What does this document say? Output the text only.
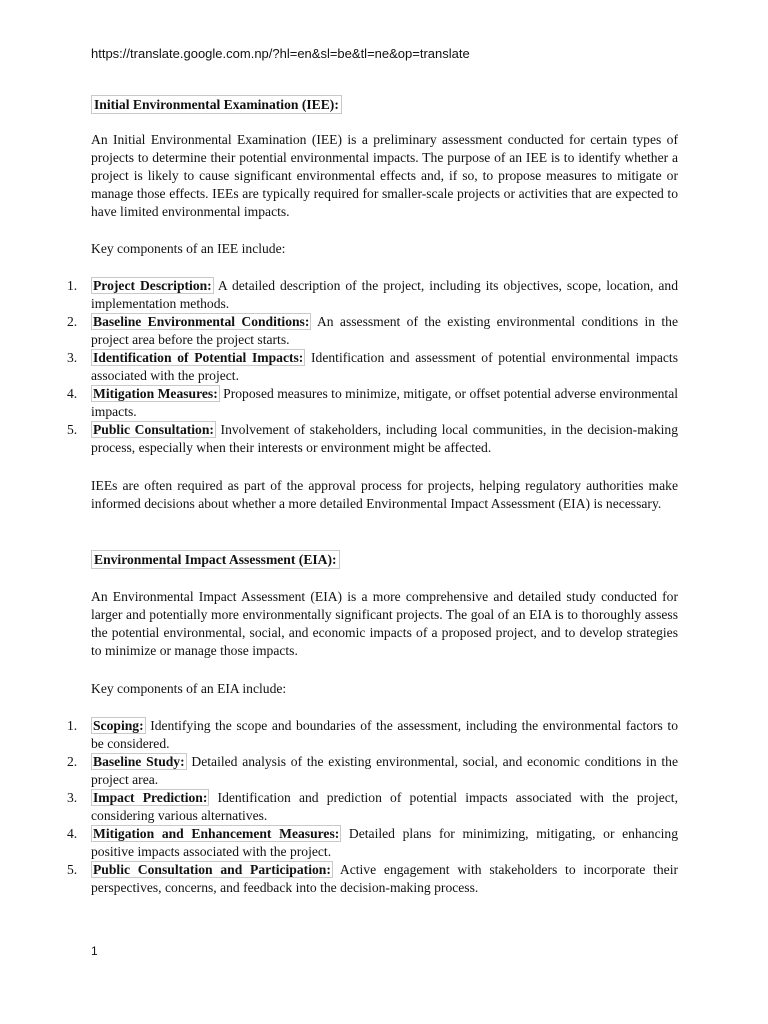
https://translate.google.com.np/?hl=en&sl=be&tl=ne&op=translate
Initial Environmental Examination (IEE):

An Initial Environmental Examination (IEE) is a preliminary assessment conducted for certain types of projects to determine their potential environmental impacts. The purpose of an IEE is to identify whether a project is likely to cause significant environmental effects and, if so, to propose measures to mitigate or manage those effects. IEEs are typically required for smaller-scale projects or activities that are expected to have limited environmental impacts.

Key components of an IEE include:

1. Project Description: A detailed description of the project, including its objectives, scope, location, and implementation methods.
2. Baseline Environmental Conditions: An assessment of the existing environmental conditions in the project area before the project starts.
3. Identification of Potential Impacts: Identification and assessment of potential environmental impacts associated with the project.
4. Mitigation Measures: Proposed measures to minimize, mitigate, or offset potential adverse environmental impacts.
5. Public Consultation: Involvement of stakeholders, including local communities, in the decision-making process, especially when their interests or environment might be affected.

IEEs are often required as part of the approval process for projects, helping regulatory authorities make informed decisions about whether a more detailed Environmental Impact Assessment (EIA) is necessary.

Environmental Impact Assessment (EIA):

An Environmental Impact Assessment (EIA) is a more comprehensive and detailed study conducted for larger and potentially more environmentally significant projects. The goal of an EIA is to thoroughly assess the potential environmental, social, and economic impacts of a proposed project, and to develop strategies to minimize or manage those impacts.

Key components of an EIA include:

1. Scoping: Identifying the scope and boundaries of the assessment, including the environmental factors to be considered.
2. Baseline Study: Detailed analysis of the existing environmental, social, and economic conditions in the project area.
3. Impact Prediction: Identification and prediction of potential impacts associated with the project, considering various alternatives.
4. Mitigation and Enhancement Measures: Detailed plans for minimizing, mitigating, or enhancing positive impacts associated with the project.
5. Public Consultation and Participation: Active engagement with stakeholders to incorporate their perspectives, concerns, and feedback into the decision-making process.
1
